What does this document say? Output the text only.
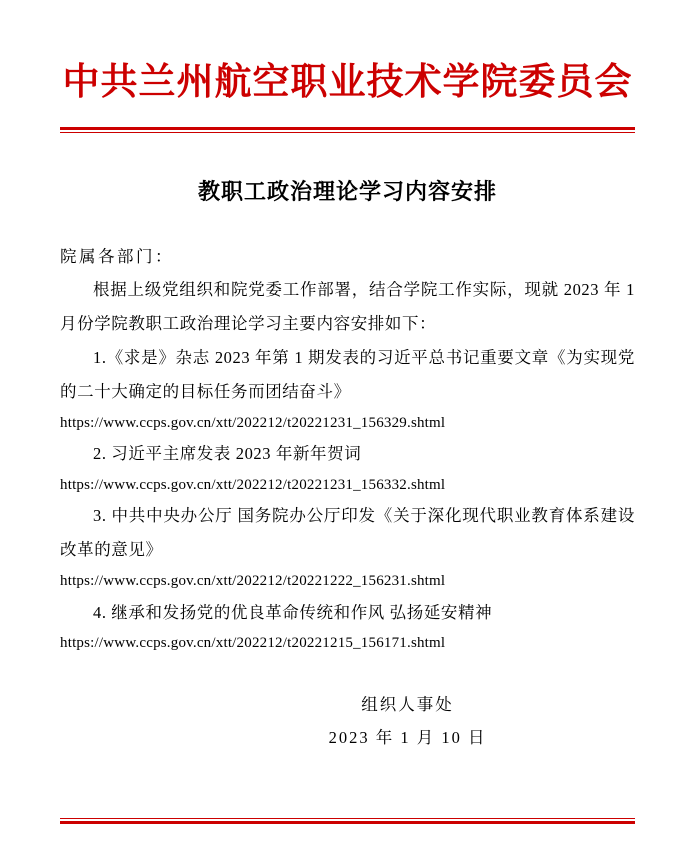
中共兰州航空职业技术学院委员会
教职工政治理论学习内容安排
院属各部门：
根据上级党组织和院党委工作部署，结合学院工作实际，现就 2023 年 1 月份学院教职工政治理论学习主要内容安排如下：
1.《求是》杂志 2023 年第 1 期发表的习近平总书记重要文章《为实现党的二十大确定的目标任务而团结奋斗》
https://www.ccps.gov.cn/xtt/202212/t20221231_156329.shtml
2. 习近平主席发表 2023 年新年贺词
https://www.ccps.gov.cn/xtt/202212/t20221231_156332.shtml
3. 中共中央办公厅 国务院办公厅印发《关于深化现代职业教育体系建设改革的意见》
https://www.ccps.gov.cn/xtt/202212/t20221222_156231.shtml
4. 继承和发扬党的优良革命传统和作风 弘扬延安精神
https://www.ccps.gov.cn/xtt/202212/t20221215_156171.shtml
组织人事处
2023 年 1 月 10 日
